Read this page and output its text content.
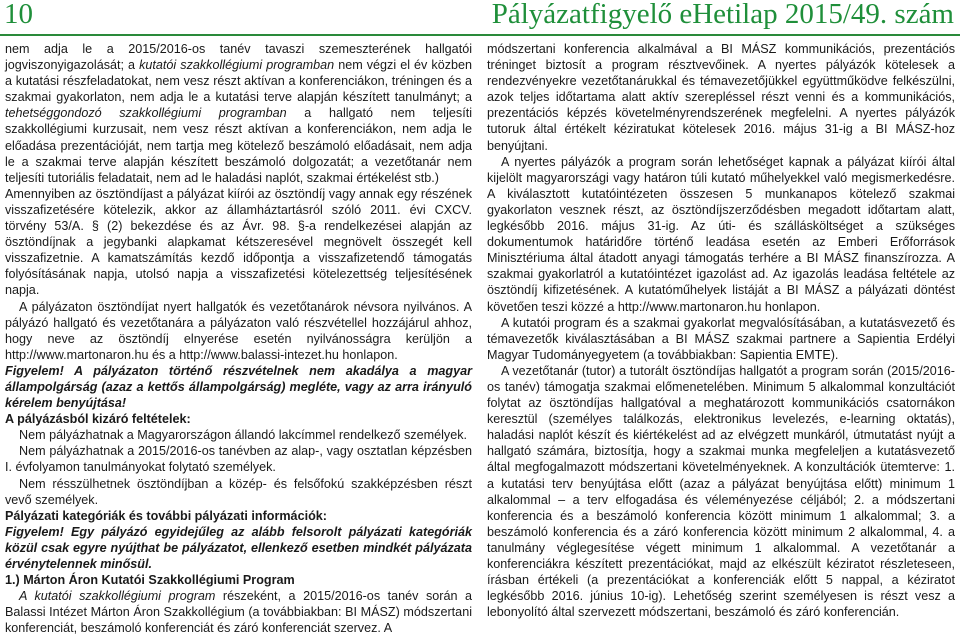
10	Pályázatfigyelő eHetilap 2015/49. szám

nem adja le a 2015/2016-os tanév tavaszi szemeszterének hallgatói jogviszonyigazolását; a kutatói szakkollégiumi programban nem végzi el év közben a kutatási részfeladatokat, nem vesz részt aktívan a konferenciákon, tréningen és a szakmai gyakorlaton, nem adja le a kutatási terve alapján készített tanulmányt; a tehetséggondozó szakkollégiumi programban a hallgató nem teljesíti szakkollégiumi kurzusait, nem vesz részt aktívan a konferenciákon, nem adja le előadása prezentációját, nem tartja meg kötelező beszámoló előadásait, nem adja le a szakmai terve alapján készített beszámoló dolgozatát; a vezetőtanár nem teljesíti tutoriális feladatait, nem ad le haladási naplót, szakmai értékelést stb.)

Amennyiben az ösztöndíjast a pályázat kiírói az ösztöndíj vagy annak egy részének visszafizetésére kötelezik, akkor az államháztartásról szóló 2011. évi CXCV. törvény 53/A. § (2) bekezdése és az Ávr. 98. §-a rendelkezései alapján az ösztöndíjnak a jegybanki alapkamat kétszeresével megnövelt összegét kell visszafizetnie. A kamatszámítás kezdő időpontja a visszafizetendő támogatás folyósításának napja, utolsó napja a visszafizetési kötelezettség teljesítésének napja.

A pályázaton ösztöndíjat nyert hallgatók és vezetőtanárok névsora nyilvános. A pályázó hallgató és vezetőtanára a pályázaton való részvétellel hozzájárul ahhoz, hogy neve az ösztöndíj elnyerése esetén nyilvánosságra kerüljön a http://www.martonaron.hu és a http://www.balassi-intezet.hu honlapon.

Figyelem! A pályázaton történő részvételnek nem akadálya a magyar állampolgárság (azaz a kettős állampolgárság) megléte, vagy az arra irányuló kérelem benyújtása!

A pályázásból kizáró feltételek:

Nem pályázhatnak a Magyarországon állandó lakcímmel rendelkező személyek.

Nem pályázhatnak a 2015/2016-os tanévben az alap-, vagy osztatlan képzésben I. évfolyamon tanulmányokat folytató személyek.

Nem résszülhetnek ösztöndíjban a közép- és felsőfokú szakképzésben részt vevő személyek.

Pályázati kategóriák és további pályázati információk:

Figyelem! Egy pályázó egyidejűleg az alább felsorolt pályázati kategóriák közül csak egyre nyújthat be pályázatot, ellenkező esetben mindkét pályázata érvénytelennek minősül.

1.) Márton Áron Kutatói Szakkollégiumi Program

A kutatói szakkollégiumi program részeként, a 2015/2016-os tanév során a Balassi Intézet Márton Áron Szakkollégium (a továbbiakban: BI MÁSZ) módszertani konferenciát, beszámoló konferenciát és záró konferenciát szervez. A

módszertani konferencia alkalmával a BI MÁSZ kommunikációs, prezentációs tréninget biztosít a program résztvevőinek. A nyertes pályázók kötelesek a rendezvényekre vezetőtanárukkal és témavezetőjükkel együttműködve felkészülni, azok teljes időtartama alatt aktív szerepléssel részt venni és a kommunikációs, prezentációs képzés követelményrendszerének megfelelni. A nyertes pályázók tutoruk által értékelt kéziratukat kötelesek 2016. május 31-ig a BI MÁSZ-hoz benyújtani.

A nyertes pályázók a program során lehetőséget kapnak a pályázat kiírói által kijelölt magyarországi vagy határon túli kutató műhelyekkel való megismerkedésre. A kiválasztott kutatóintézeten összesen 5 munkanapos kötelező szakmai gyakorlaton vesznek részt, az ösztöndíjszerződésben megadott időtartam alatt, legkésőbb 2016. május 31-ig. Az úti- és szállásköltséget a szükséges dokumentumok határidőre történő leadása esetén az Emberi Erőforrások Minisztériuma által átadott anyagi támogatás terhére a BI MÁSZ finanszírozza. A szakmai gyakorlatról a kutatóintézet igazolást ad. Az igazolás leadása feltétele az ösztöndíj kifizetésének. A kutatóműhelyek listáját a BI MÁSZ a pályázati döntést követően teszi közzé a http://www.martonaron.hu honlapon.

A kutatói program és a szakmai gyakorlat megvalósításában, a kutatásvezető és témavezetők kiválasztásában a BI MÁSZ szakmai partnere a Sapientia Erdélyi Magyar Tudományegyetem (a továbbiakban: Sapientia EMTE).

A vezetőtanár (tutor) a tutorált ösztöndíjas hallgatót a program során (2015/2016-os tanév) támogatja szakmai előmenetelében. Minimum 5 alkalommal konzultációt folytat az ösztöndíjas hallgatóval a meghatározott kommunikációs csatornákon keresztül (személyes találkozás, elektronikus levelezés, e-learning oktatás), haladási naplót készít és kiértékelést ad az elvégzett munkáról, útmutatást nyújt a hallgató számára, biztosítja, hogy a szakmai munka megfeleljen a kutatásvezető által megfogalmazott módszertani követelményeknek. A konzultációk ütemterve: 1. a kutatási terv benyújtása előtt (azaz a pályázat benyújtása előtt) minimum 1 alkalommal – a terv elfogadása és véleményezése céljából; 2. a módszertani konferencia és a beszámoló konferencia között minimum 1 alkalommal; 3. a beszámoló konferencia és a záró konferencia között minimum 2 alkalommal, 4. a tanulmány véglegesítése végett minimum 1 alkalommal. A vezetőtanár a konferenciákra készített prezentációkat, majd az elkészült kéziratot részleteseen, írásban értékeli (a prezentációkat a konferenciák előtt 5 nappal, a kéziratot legkésőbb 2016. június 10-ig). Lehetőség szerint személyesen is részt vesz a lebonyolító által szervezett módszertani, beszámoló és záró konferencián.
